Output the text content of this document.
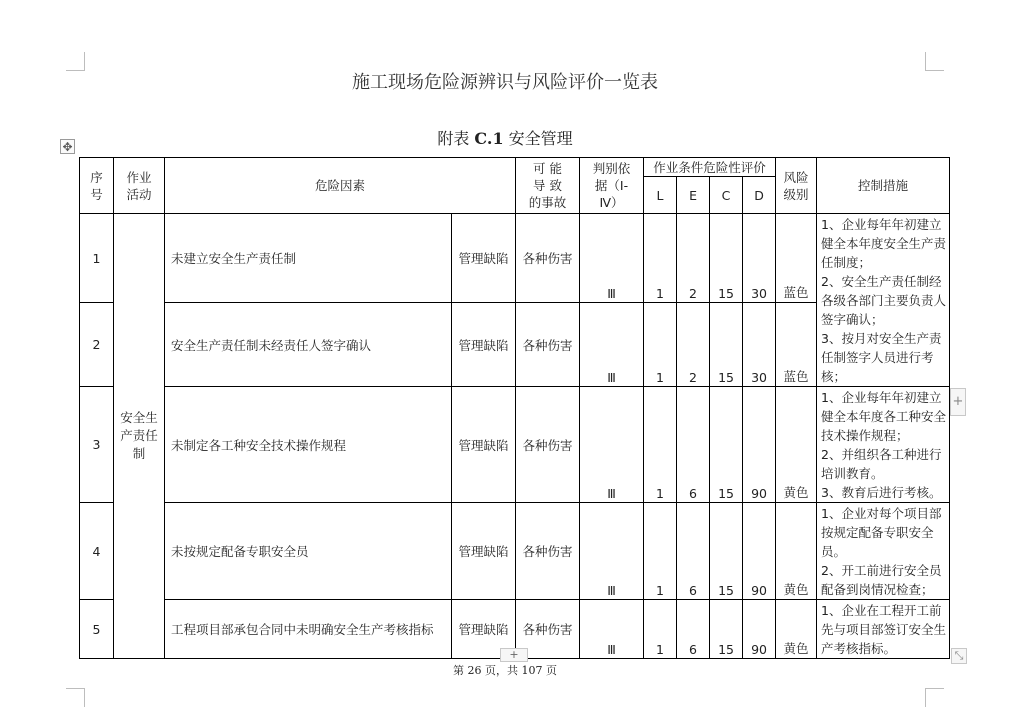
施工现场危险源辨识与风险评价一览表
附表 C.1 安全管理
✥
序号	作业活动	危险因素		可 能 导 致 的事故	判别依据（Ⅰ- Ⅳ）	作业条件危险性评价				风险级别	控制措施
						L	E	C	D		
1	安全生产责任制	未建立安全生产责任制	管理缺陷	各种伤害	Ⅲ	1	2	15	30	蓝色	1、企业每年年初建立健全本年度安全生产责任制度；
2、安全生产责任制经各级各部门主要负责人签字确认；
3、按月对安全生产责任制签字人员进行考核；

2		安全生产责任制未经责任人签字确认	管理缺陷	各种伤害	Ⅲ	1	2	15	30	蓝色	
3		未制定各工种安全技术操作规程	管理缺陷	各种伤害	Ⅲ	1	6	15	90	黄色	1、企业每年年初建立健全本年度各工种安全技术操作规程；
2、并组织各工种进行培训教育。
3、教育后进行考核。

4		未按规定配备专职安全员	管理缺陷	各种伤害	Ⅲ	1	6	15	90	黄色	1、企业对每个项目部按规定配备专职安全员。
2、开工前进行安全员配备到岗情况检查；

5		工程项目部承包合同中未明确安全生产考核指标	管理缺陷	各种伤害	Ⅲ	1	6	15	90	黄色	1、企业在工程开工前先与项目部签订安全生产考核指标。
+
+	⤡
第 26 页，共 107 页
